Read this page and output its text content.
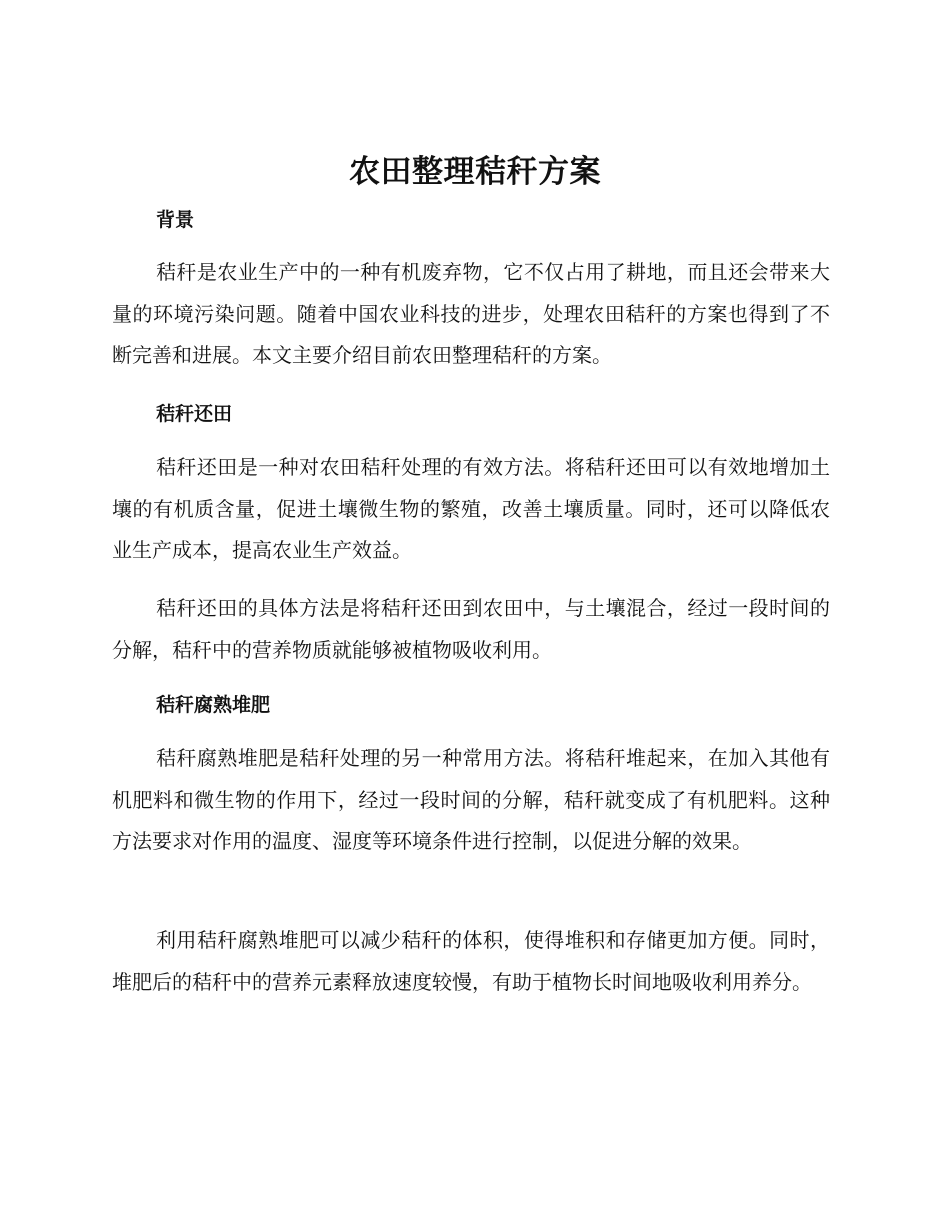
农田整理秸秆方案
背景

秸秆是农业生产中的一种有机废弃物，它不仅占用了耕地，而且还会带来大量的环境污染问题。随着中国农业科技的进步，处理农田秸秆的方案也得到了不断完善和进展。本文主要介绍目前农田整理秸秆的方案。

秸秆还田

秸秆还田是一种对农田秸秆处理的有效方法。将秸秆还田可以有效地增加土壤的有机质含量，促进土壤微生物的繁殖，改善土壤质量。同时，还可以降低农业生产成本，提高农业生产效益。

秸秆还田的具体方法是将秸秆还田到农田中，与土壤混合，经过一段时间的分解，秸秆中的营养物质就能够被植物吸收利用。

秸秆腐熟堆肥

秸秆腐熟堆肥是秸秆处理的另一种常用方法。将秸秆堆起来，在加入其他有机肥料和微生物的作用下，经过一段时间的分解，秸秆就变成了有机肥料。这种方法要求对作用的温度、湿度等环境条件进行控制，以促进分解的效果。

利用秸秆腐熟堆肥可以减少秸秆的体积，使得堆积和存储更加方便。同时，堆肥后的秸秆中的营养元素释放速度较慢，有助于植物长时间地吸收利用养分。
